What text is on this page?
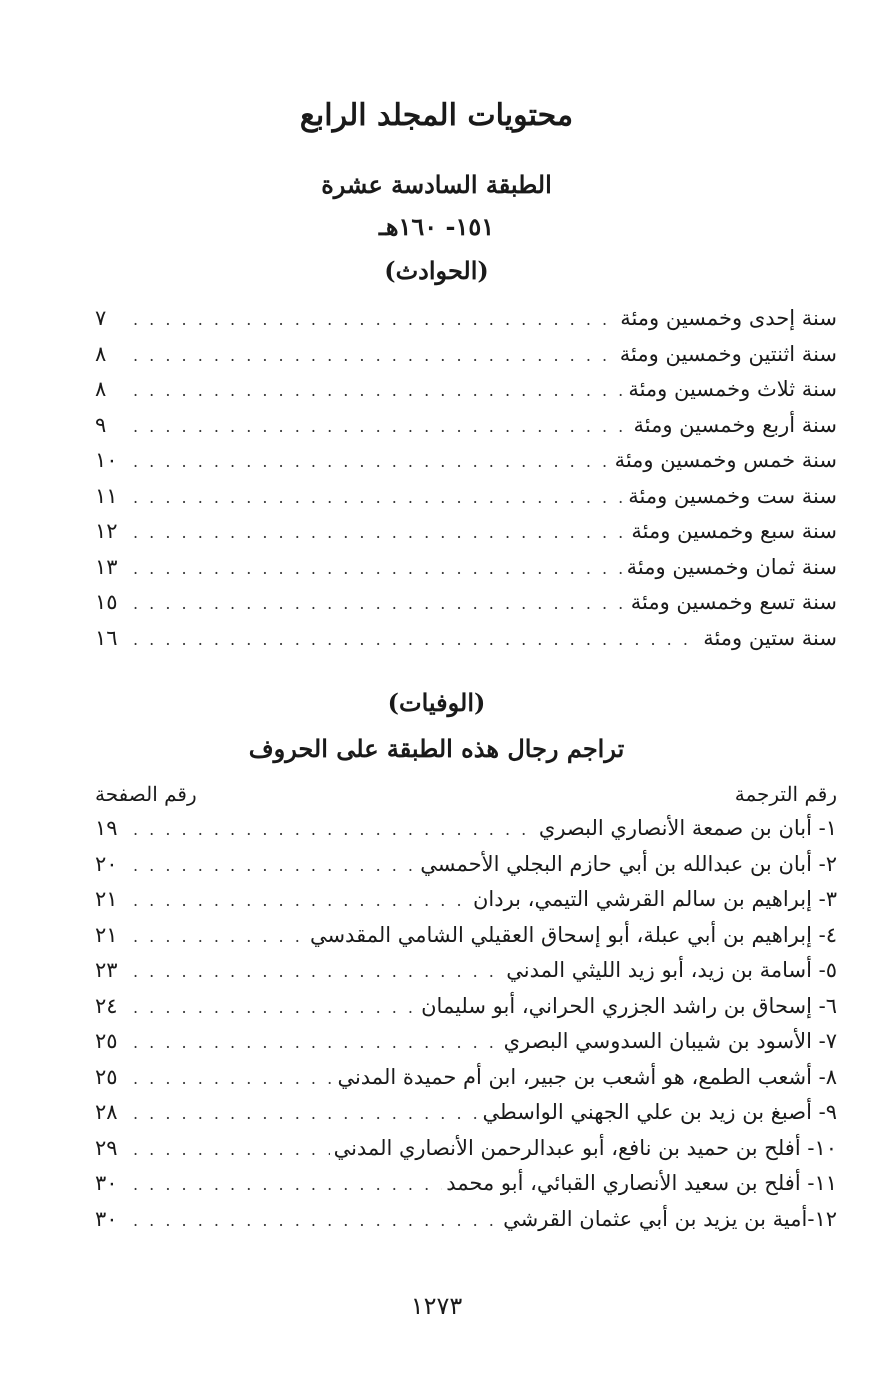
محتويات المجلد الرابع
الطبقة السادسة عشرة
١٥١- ١٦٠هـ
(الحوادث)
سنة إحدى وخمسين ومئة
. . .
٧
سنة اثنتين وخمسين ومئة
. . .
٨
سنة ثلاث وخمسين ومئة
. . .
٨
سنة أربع وخمسين ومئة
. . .
٩
سنة خمس وخمسين ومئة
. . .
١٠
سنة ست وخمسين ومئة
. . .
١١
سنة سبع وخمسين ومئة
. . .
١٢
سنة ثمان وخمسين ومئة
. . .
١٣
سنة تسع وخمسين ومئة
. . .
١٥
سنة ستين ومئة
. . .
١٦
(الوفيات)
تراجم رجال هذه الطبقة على الحروف
رقم الترجمة
رقم الصفحة
١- أبان بن صمعة الأنصاري البصري
. . .
١٩
٢- أبان بن عبدالله بن أبي حازم البجلي الأحمسي
. . .
٢٠
٣- إبراهيم بن سالم القرشي التيمي، بردان
. . .
٢١
٤- إبراهيم بن أبي عبلة، أبو إسحاق العقيلي الشامي المقدسي
. . .
٢١
٥- أسامة بن زيد، أبو زيد الليثي المدني
. . .
٢٣
٦- إسحاق بن راشد الجزري الحراني، أبو سليمان
. . .
٢٤
٧- الأسود بن شيبان السدوسي البصري
. . .
٢٥
٨- أشعب الطمع، هو أشعب بن جبير، ابن أم حميدة المدني
. . .
٢٥
٩- أصبغ بن زيد بن علي الجهني الواسطي
. . .
٢٨
١٠- أفلح بن حميد بن نافع، أبو عبدالرحمن الأنصاري المدني
. . .
٢٩
١١- أفلح بن سعيد الأنصاري القبائي، أبو محمد
. . .
٣٠
١٢-أمية بن يزيد بن أبي عثمان القرشي
. . .
٣٠
١٢٧٣
